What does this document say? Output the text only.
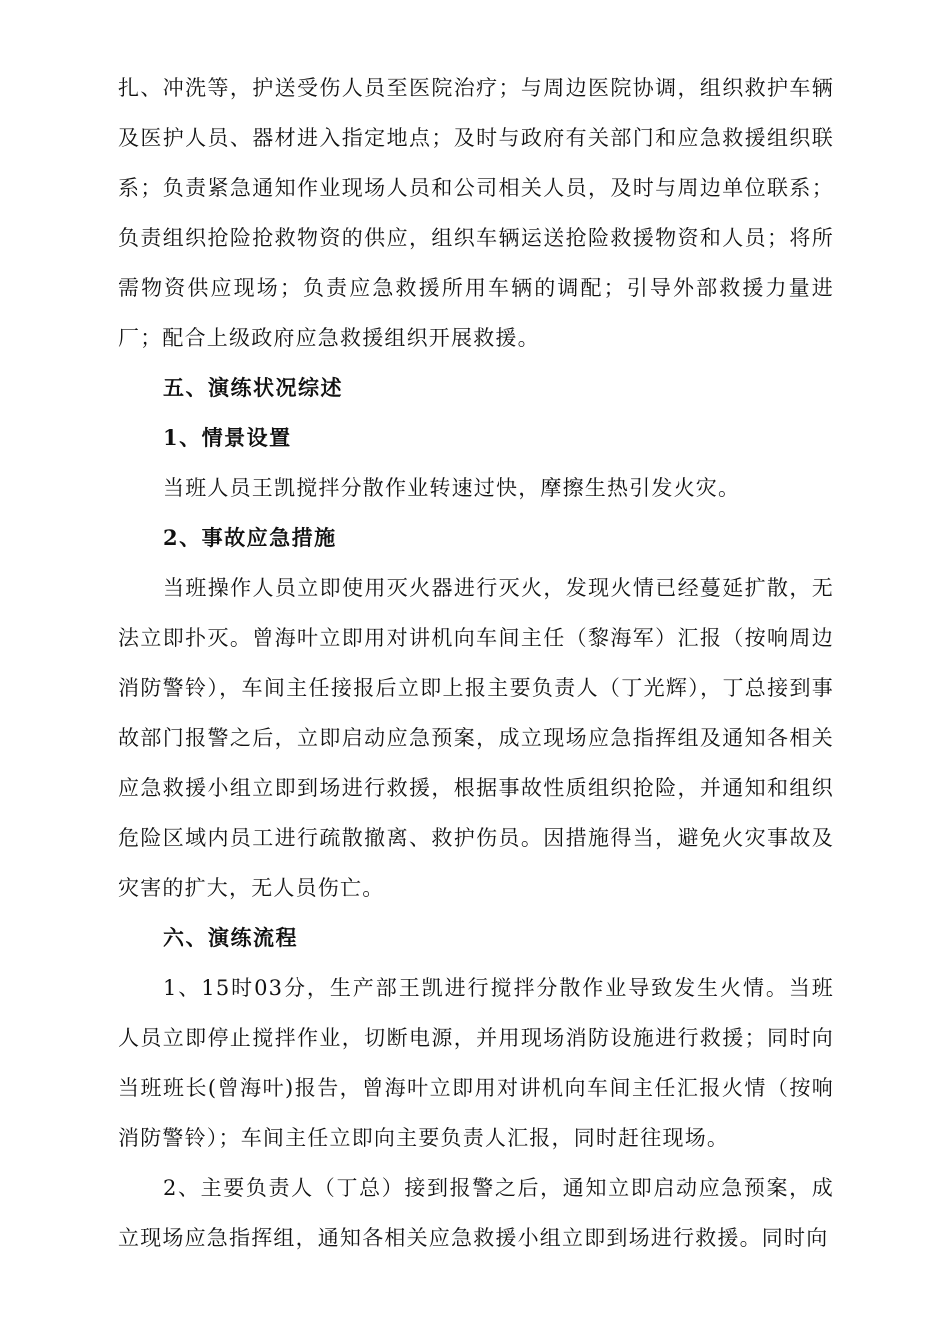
扎、冲洗等，护送受伤人员至医院治疗；与周边医院协调，组织救护车辆及医护人员、器材进入指定地点；及时与政府有关部门和应急救援组织联系；负责紧急通知作业现场人员和公司相关人员，及时与周边单位联系；负责组织抢险抢救物资的供应，组织车辆运送抢险救援物资和人员；将所需物资供应现场；负责应急救援所用车辆的调配；引导外部救援力量进厂；配合上级政府应急救援组织开展救援。

五、演练状况综述

1、情景设置

当班人员王凯搅拌分散作业转速过快，摩擦生热引发火灾。

2、事故应急措施

当班操作人员立即使用灭火器进行灭火，发现火情已经蔓延扩散，无法立即扑灭。曾海叶立即用对讲机向车间主任（黎海军）汇报（按响周边消防警铃），车间主任接报后立即上报主要负责人（丁光辉），丁总接到事故部门报警之后，立即启动应急预案，成立现场应急指挥组及通知各相关应急救援小组立即到场进行救援，根据事故性质组织抢险，并通知和组织危险区域内员工进行疏散撤离、救护伤员。因措施得当，避免火灾事故及灾害的扩大，无人员伤亡。

六、演练流程

1、15时03分，生产部王凯进行搅拌分散作业导致发生火情。当班人员立即停止搅拌作业，切断电源，并用现场消防设施进行救援；同时向当班班长(曾海叶)报告，曾海叶立即用对讲机向车间主任汇报火情（按响消防警铃）；车间主任立即向主要负责人汇报，同时赶往现场。

2、主要负责人（丁总）接到报警之后，通知立即启动应急预案，成立现场应急指挥组，通知各相关应急救援小组立即到场进行救援。同时向
